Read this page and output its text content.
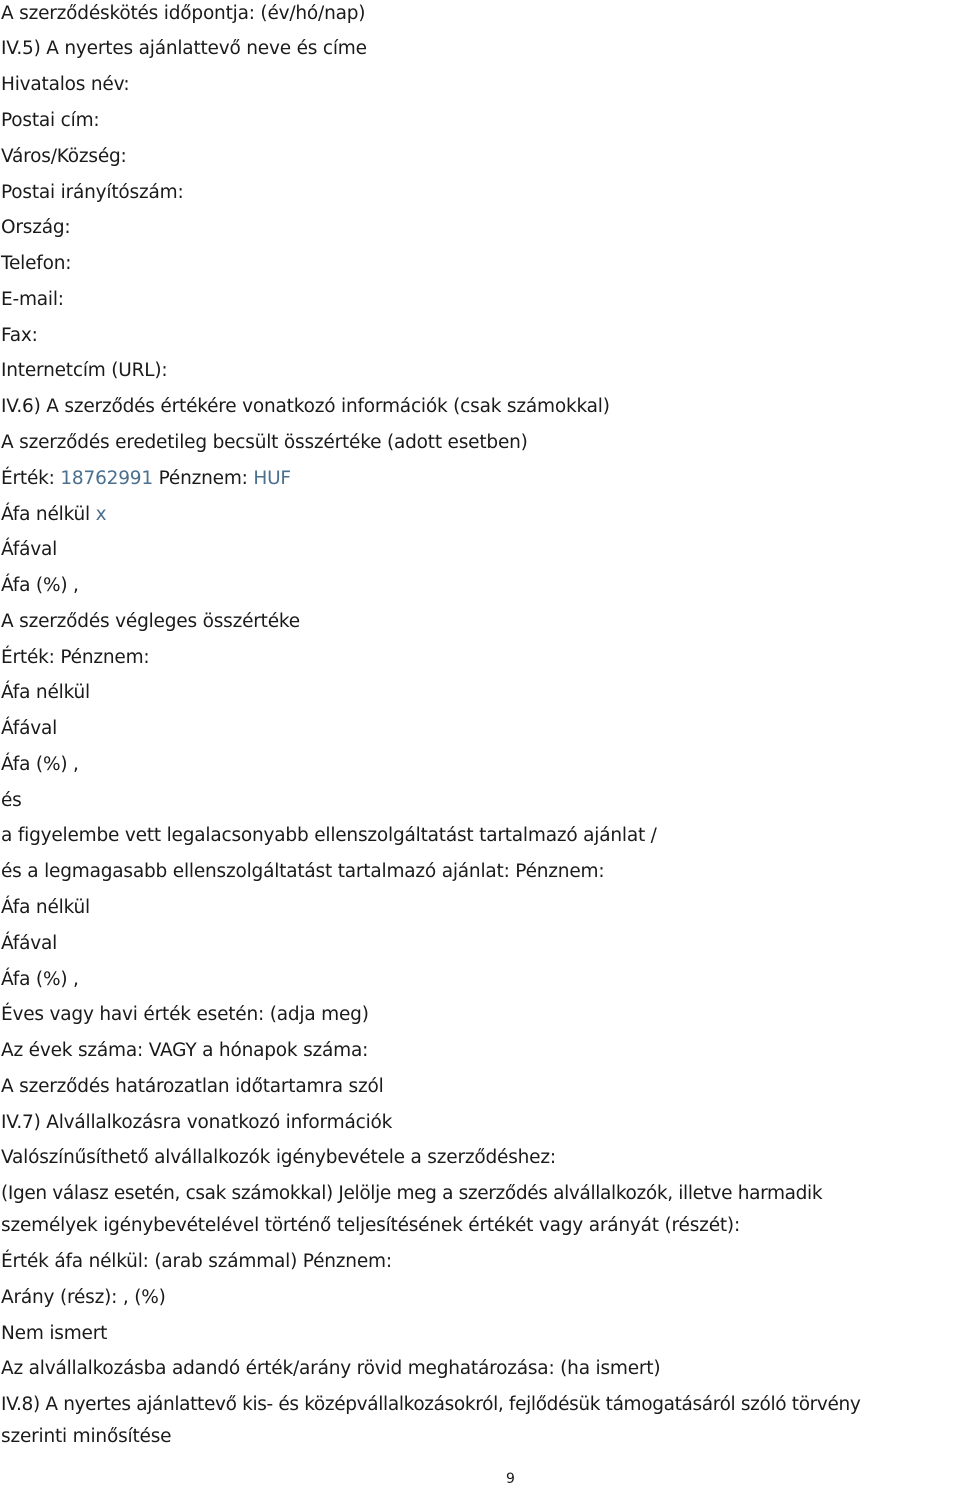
A szerződéskötés időpontja: (év/hó/nap)
IV.5) A nyertes ajánlattevő neve és címe
Hivatalos név:
Postai cím:
Város/Község:
Postai irányítószám:
Ország:
Telefon:
E-mail:
Fax:
Internetcím (URL):
IV.6) A szerződés értékére vonatkozó információk (csak számokkal)
A szerződés eredetileg becsült összértéke (adott esetben)
Érték: 18762991 Pénznem: HUF
Áfa nélkül x
Áfával
Áfa (%) ,
A szerződés végleges összértéke
Érték: Pénznem:
Áfa nélkül
Áfával
Áfa (%) ,
és
a figyelembe vett legalacsonyabb ellenszolgáltatást tartalmazó ajánlat /
és a legmagasabb ellenszolgáltatást tartalmazó ajánlat: Pénznem:
Áfa nélkül
Áfával
Áfa (%) ,
Éves vagy havi érték esetén: (adja meg)
Az évek száma: VAGY a hónapok száma:
A szerződés határozatlan időtartamra szól
IV.7) Alvállalkozásra vonatkozó információk
Valószínűsíthető alvállalkozók igénybevétele a szerződéshez:
(Igen válasz esetén, csak számokkal) Jelölje meg a szerződés alvállalkozók, illetve harmadik
személyek igénybevételével történő teljesítésének értékét vagy arányát (részét):
Érték áfa nélkül: (arab számmal) Pénznem:
Arány (rész): , (%)
Nem ismert
Az alvállalkozásba adandó érték/arány rövid meghatározása: (ha ismert)
IV.8) A nyertes ajánlattevő kis- és középvállalkozásokról, fejlődésük támogatásáról szóló törvény
szerinti minősítése
9
